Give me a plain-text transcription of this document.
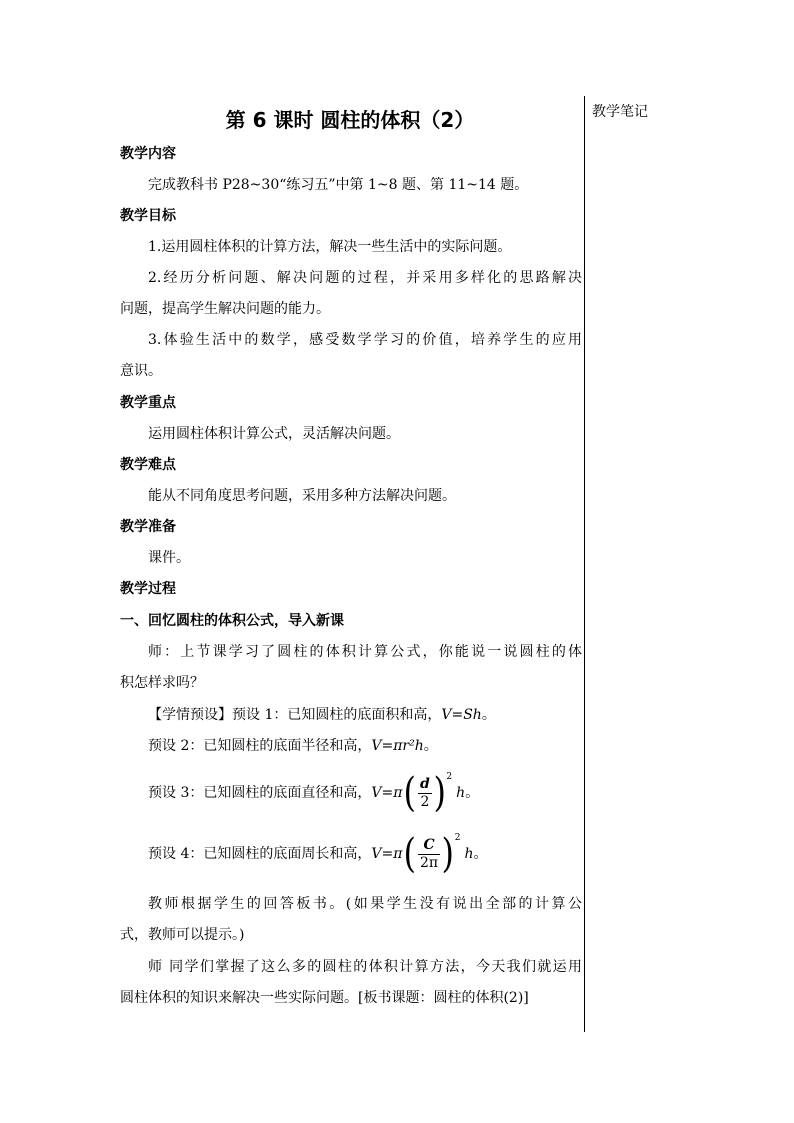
教学笔记
第 6 课时 圆柱的体积（2）
教学内容
完成教科书 P28~30“练习五”中第 1~8 题、第 11~14 题。
教学目标
1.运用圆柱体积的计算方法，解决一些生活中的实际问题。
2.经历分析问题、解决问题的过程，并采用多样化的思路解决
问题，提高学生解决问题的能力。
3.体验生活中的数学，感受数学学习的价值，培养学生的应用
意识。
教学重点
运用圆柱体积计算公式，灵活解决问题。
教学难点
能从不同角度思考问题，采用多种方法解决问题。
教学准备
课件。
教学过程
一、回忆圆柱的体积公式，导入新课
师：上节课学习了圆柱的体积计算公式，你能说一说圆柱的体
积怎样求吗？
【学情预设】预设 1：已知圆柱的底面积和高，V=Sh。
预设 2：已知圆柱的底面半径和高，V=πr²h。
预设 3：已知圆柱的底面直径和高，$V=\pi( \frac{d}{2} )^2h$。
预设 4：已知圆柱的底面周长和高，$V=\pi( \frac{C}{2\pi} )^2h$。
教师根据学生的回答板书。(如果学生没有说出全部的计算公
式，教师可以提示。)
师 同学们掌握了这么多的圆柱的体积计算方法，今天我们就运用
圆柱体积的知识来解决一些实际问题。[板书课题：圆柱的体积(2)]
